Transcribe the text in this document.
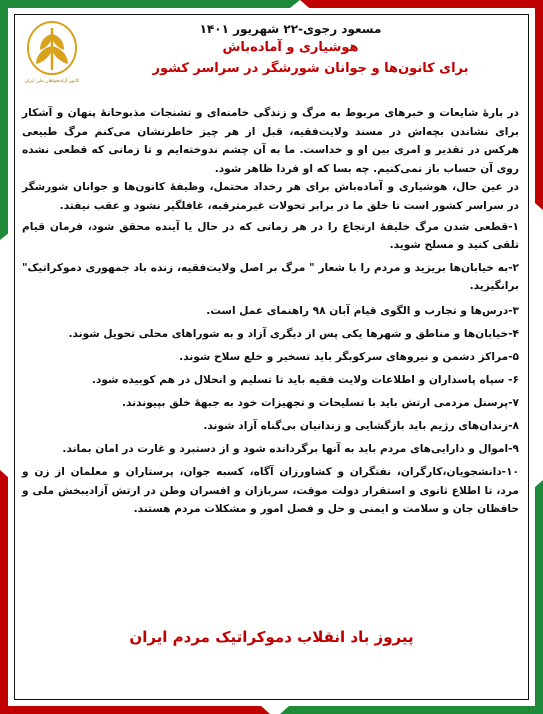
کانون آزادیخواهان ملی ایران
مسعود رجوی-۲۲ شهریور ۱۴۰۱
هوشیاری و آماده‌باش
برای کانون‌ها و جوانان شورشگر در سراسر کشور

در بارهٔ شایعات و خبرهای مربوط به مرگ و زندگی خامنه‌ای و تشنجات مذبوحانهٔ پنهان و آشکار برای نشاندن بچه‌اش در مسند ولایت‌فقیه، قبل از هر چیز خاطرنشان می‌کنم مرگ طبیعی هرکس در تقدیر و امری بین او و خداست. ما به آن چشم ندوخته‌ایم و تا زمانی که قطعی نشده روی آن حساب باز نمی‌کنیم. چه بسا که او فردا ظاهر شود.

در عین حال، هوشیاری و آماده‌باش برای هر رخداد محتمل، وظیفهٔ کانون‌ها و جوانان شورشگر در سراسر کشور است تا خلق ما در برابر تحولات غیرمترقبه، غافلگیر نشود و عقب نیفتد.

۱-قطعی شدن مرگ خلیفهٔ ارتجاع را در هر زمانی که در حال یا آینده محقق شود، فرمان قیام تلقی کنید و مسلح شوید.

۲-به خیابان‌ها بریزید و مردم را با شعار " مرگ بر اصل ولایت‌فقیه، زنده باد جمهوری دموکراتیک" برانگیزید.

۳-درس‌ها و تجارب و الگوی قیام آبان ۹۸ راهنمای عمل است.

۴-خیابان‌ها و مناطق و شهرها یکی پس از دیگری آزاد و به شوراهای محلی تحویل شوند.

۵-مراکز دشمن و نیروهای سرکوبگر باید تسخیر و خلع سلاح شوند.

۶- سپاه پاسداران و اطلاعات ولایت فقیه باید تا تسلیم و انحلال در هم کوبیده شود.

۷-پرسنل مردمی ارتش باید با تسلیحات و تجهیزات خود به جبههٔ خلق بپیوندند.

۸-زندان‌های رژیم باید بازگشایی و زندانیان بی‌گناه آزاد شوند.

۹-اموال و دارایی‌های مردم باید به آنها برگردانده شود و از دستبرد و غارت در امان بماند.

۱۰-دانشجویان،کارگران، نفتگران و کشاورزان آگاه، کسبه جوان، پرستاران و معلمان از زن و مرد، تا اطلاع ثانوی و استقرار دولت موقت، سربازان و افسران وطن در ارتش آزادیبخش ملی و حافظان جان و سلامت و ایمنی و حل و فصل امور و مشکلات مردم هستند.

پیروز باد انقلاب دموکراتیک مردم ایران
